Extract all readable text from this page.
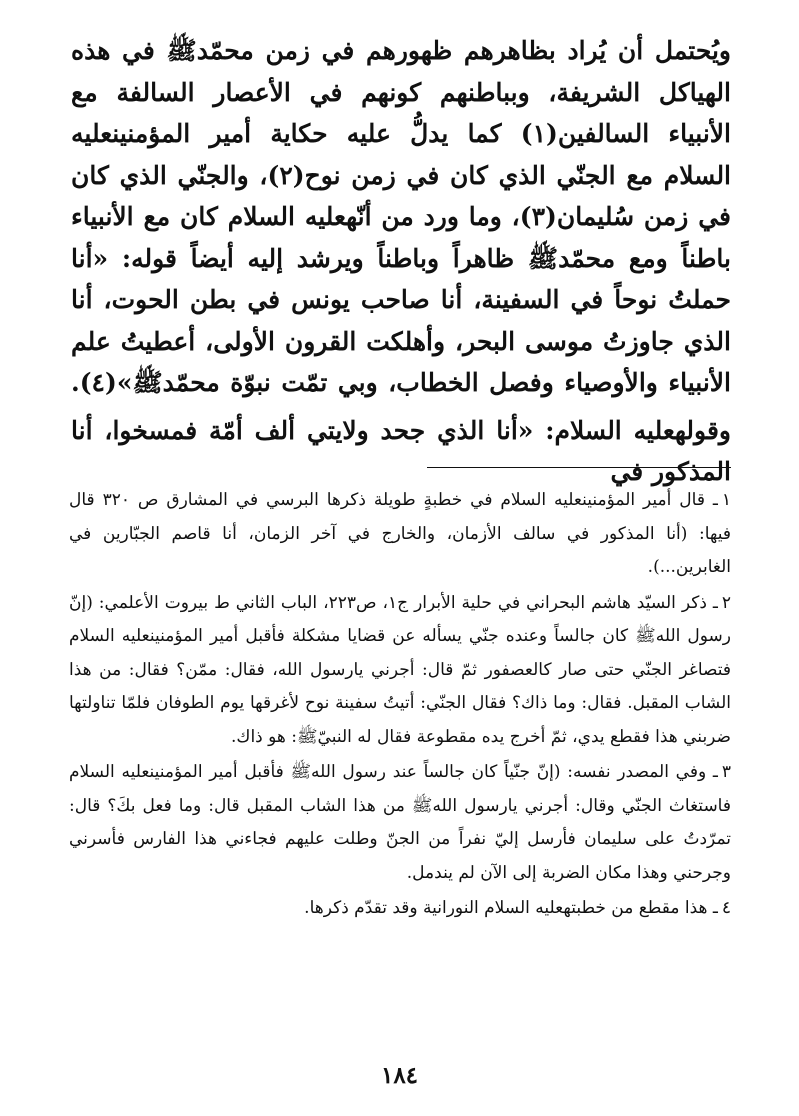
ويُحتمل أن يُراد بظاهرهم ظهورهم في زمن محمّدﷺ في هذه الهياكل الشريفة، وبباطنهم كونهم في الأعصار السالفة مع الأنبياء السالفين(١) كما يدلُّ عليه حكاية أمير المؤمنينعليه السلام مع الجنّي الذي كان في زمن نوح(٢)، والجنّي الذي كان في زمن سُليمان(٣)، وما ورد من أنّهعليه السلام كان مع الأنبياء باطناً ومع محمّدﷺ ظاهراً وباطناً ويرشد إليه أيضاً قوله: «أنا حملتُ نوحاً في السفينة، أنا صاحب يونس في بطن الحوت، أنا الذي جاوزتُ موسى البحر، وأهلكت القرون الأولى، أعطيتُ علم الأنبياء والأوصياء وفصل الخطاب، وبي تمّت نبوّة محمّدﷺ»(٤).

وقولهعليه السلام: «أنا الذي جحد ولايتي ألف أمّة فمسخوا، أنا المذكور في

١ـ قال أمير المؤمنينعليه السلام في خطبةٍ طويلة ذكرها البرسي في المشارق ص ٣٢٠ قال فيها: (أنا المذكور في سالف الأزمان، والخارج في آخر الزمان، أنا قاصم الجبّارين في الغابرين...).

٢ـ ذكر السيّد هاشم البحراني في حلية الأبرار ج١، ص٢٢٣، الباب الثاني ط بيروت الأعلمي: (إنّ رسول اللهﷺ كان جالساً وعنده جنّي يسأله عن قضايا مشكلة فأقبل أمير المؤمنينعليه السلام فتصاغر الجنّي حتى صار كالعصفور ثمّ قال: أجرني يارسول الله، فقال: ممّن؟ فقال: من هذا الشاب المقبل. فقال: وما ذاك؟ فقال الجنّي: أتيتُ سفينة نوح لأغرقها يوم الطوفان فلمّا تناولتها ضربني هذا فقطع يدي، ثمّ أخرج يده مقطوعة فقال له النبيّﷺ: هو ذاك.

٣ـ وفي المصدر نفسه: (إنّ جنّياً كان جالساً عند رسول اللهﷺ فأقبل أمير المؤمنينعليه السلام فاستغاث الجنّي وقال: أجرني يارسول اللهﷺ من هذا الشاب المقبل قال: وما فعل بكَ؟ قال: تمرّدتُ على سليمان فأرسل إليّ نفراً من الجنّ وطلت عليهم فجاءني هذا الفارس فأسرني وجرحني وهذا مكان الضربة إلى الآن لم يندمل.

٤ـ هذا مقطع من خطبتهعليه السلام النورانية وقد تقدّم ذكرها.

١٨٤
